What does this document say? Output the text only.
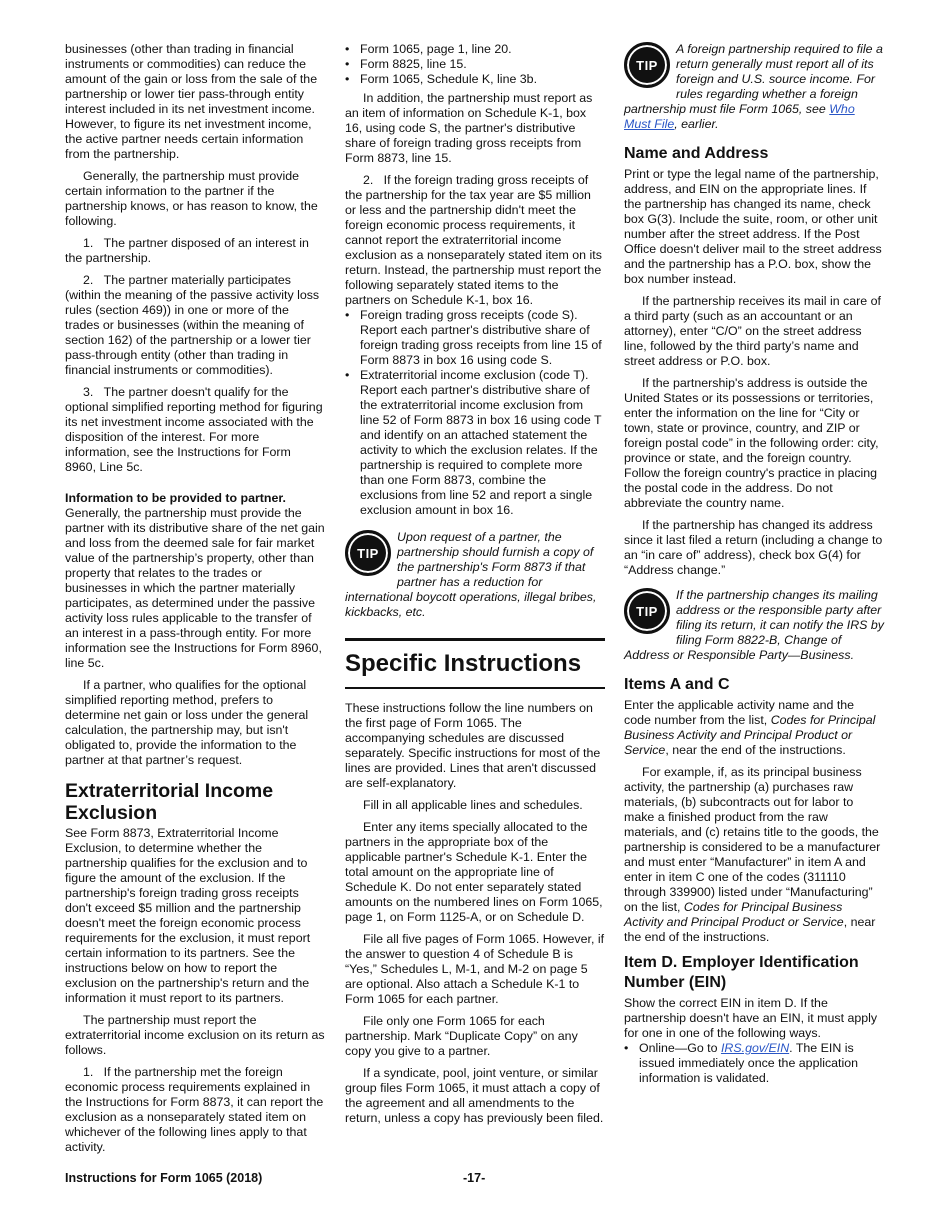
businesses (other than trading in financial instruments or commodities) can reduce the amount of the gain or loss from the sale of the partnership or lower tier pass-through entity interest included in its net investment income. However, to figure its net investment income, the active partner needs certain information from the partnership.

Generally, the partnership must provide certain information to the partner if the partnership knows, or has reason to know, the following.

1.   The partner disposed of an interest in the partnership.

2.   The partner materially participates (within the meaning of the passive activity loss rules (section 469)) in one or more of the trades or businesses (within the meaning of section 162) of the partnership or a lower tier pass-through entity (other than trading in financial instruments or commodities).

3.   The partner doesn't qualify for the optional simplified reporting method for figuring its net investment income associated with the disposition of the interest. For more information, see the Instructions for Form 8960, Line 5c.

Information to be provided to partner. Generally, the partnership must provide the partner with its distributive share of the net gain and loss from the deemed sale for fair market value of the partnership’s property, other than property that relates to the trades or businesses in which the partner materially participates, as determined under the passive activity loss rules applicable to the transfer of an interest in a pass-through entity. For more information see the Instructions for Form 8960, line 5c.

If a partner, who qualifies for the optional simplified reporting method, prefers to determine net gain or loss under the general calculation, the partnership may, but isn't obligated to, provide the information to the partner at that partner’s request.

Extraterritorial Income Exclusion

See Form 8873, Extraterritorial Income Exclusion, to determine whether the partnership qualifies for the exclusion and to figure the amount of the exclusion. If the partnership's foreign trading gross receipts don't exceed $5 million and the partnership doesn't meet the foreign economic process requirements for the exclusion, it must report certain information to its partners. See the instructions below on how to report the exclusion on the partnership's return and the information it must report to its partners.

The partnership must report the extraterritorial income exclusion on its return as follows.

1.   If the partnership met the foreign economic process requirements explained in the Instructions for Form 8873, it can report the exclusion as a nonseparately stated item on whichever of the following lines apply to that activity.

• Form 1065, page 1, line 20.

• Form 8825, line 15.

• Form 1065, Schedule K, line 3b.

In addition, the partnership must report as an item of information on Schedule K-1, box 16, using code S, the partner's distributive share of foreign trading gross receipts from Form 8873, line 15.

2.   If the foreign trading gross receipts of the partnership for the tax year are $5 million or less and the partnership didn't meet the foreign economic process requirements, it cannot report the extraterritorial income exclusion as a nonseparately stated item on its return. Instead, the partnership must report the following separately stated items to the partners on Schedule K-1, box 16.

• Foreign trading gross receipts (code S). Report each partner's distributive share of foreign trading gross receipts from line 15 of Form 8873 in box 16 using code S.

• Extraterritorial income exclusion (code T). Report each partner's distributive share of the extraterritorial income exclusion from line 52 of Form 8873 in box 16 using code T and identify on an attached statement the activity to which the exclusion relates. If the partnership is required to complete more than one Form 8873, combine the exclusions from line 52 and report a single exclusion amount in box 16.

TIP
Upon request of a partner, the partnership should furnish a copy of the partnership's Form 8873 if that partner has a reduction for international boycott operations, illegal bribes, kickbacks, etc.
Specific Instructions

These instructions follow the line numbers on the first page of Form 1065. The accompanying schedules are discussed separately. Specific instructions for most of the lines are provided. Lines that aren't discussed are self-explanatory.

Fill in all applicable lines and schedules.

Enter any items specially allocated to the partners in the appropriate box of the applicable partner's Schedule K-1. Enter the total amount on the appropriate line of Schedule K. Do not enter separately stated amounts on the numbered lines on Form 1065, page 1, on Form 1125-A, or on Schedule D.

File all five pages of Form 1065. However, if the answer to question 4 of Schedule B is “Yes,” Schedules L, M-1, and M-2 on page 5 are optional. Also attach a Schedule K-1 to Form 1065 for each partner.

File only one Form 1065 for each partnership. Mark “Duplicate Copy” on any copy you give to a partner.

If a syndicate, pool, joint venture, or similar group files Form 1065, it must attach a copy of the agreement and all amendments to the return, unless a copy has previously been filed.

TIP
A foreign partnership required to file a return generally must report all of its foreign and U.S. source income. For rules regarding whether a foreign partnership must file Form 1065, see Who Must File, earlier.
Name and Address

Print or type the legal name of the partnership, address, and EIN on the appropriate lines. If the partnership has changed its name, check box G(3). Include the suite, room, or other unit number after the street address. If the Post Office doesn't deliver mail to the street address and the partnership has a P.O. box, show the box number instead.

If the partnership receives its mail in care of a third party (such as an accountant or an attorney), enter “C/O” on the street address line, followed by the third party’s name and street address or P.O. box.

If the partnership's address is outside the United States or its possessions or territories, enter the information on the line for “City or town, state or province, country, and ZIP or foreign postal code” in the following order: city, province or state, and the foreign country. Follow the foreign country's practice in placing the postal code in the address. Do not abbreviate the country name.

If the partnership has changed its address since it last filed a return (including a change to an “in care of” address), check box G(4) for “Address change.”

TIP
If the partnership changes its mailing address or the responsible party after filing its return, it can notify the IRS by filing Form 8822-B, Change of Address or Responsible Party—Business.
Items A and C

Enter the applicable activity name and the code number from the list, Codes for Principal Business Activity and Principal Product or Service, near the end of the instructions.

For example, if, as its principal business activity, the partnership (a) purchases raw materials, (b) subcontracts out for labor to make a finished product from the raw materials, and (c) retains title to the goods, the partnership is considered to be a manufacturer and must enter “Manufacturer” in item A and enter in item C one of the codes (311110 through 339900) listed under “Manufacturing” on the list, Codes for Principal Business Activity and Principal Product or Service, near the end of the instructions.

Item D. Employer Identification Number (EIN)

Show the correct EIN in item D. If the partnership doesn't have an EIN, it must apply for one in one of the following ways.

• Online—Go to IRS.gov/EIN. The EIN is issued immediately once the application information is validated.

Instructions for Form 1065 (2018)	-17-
